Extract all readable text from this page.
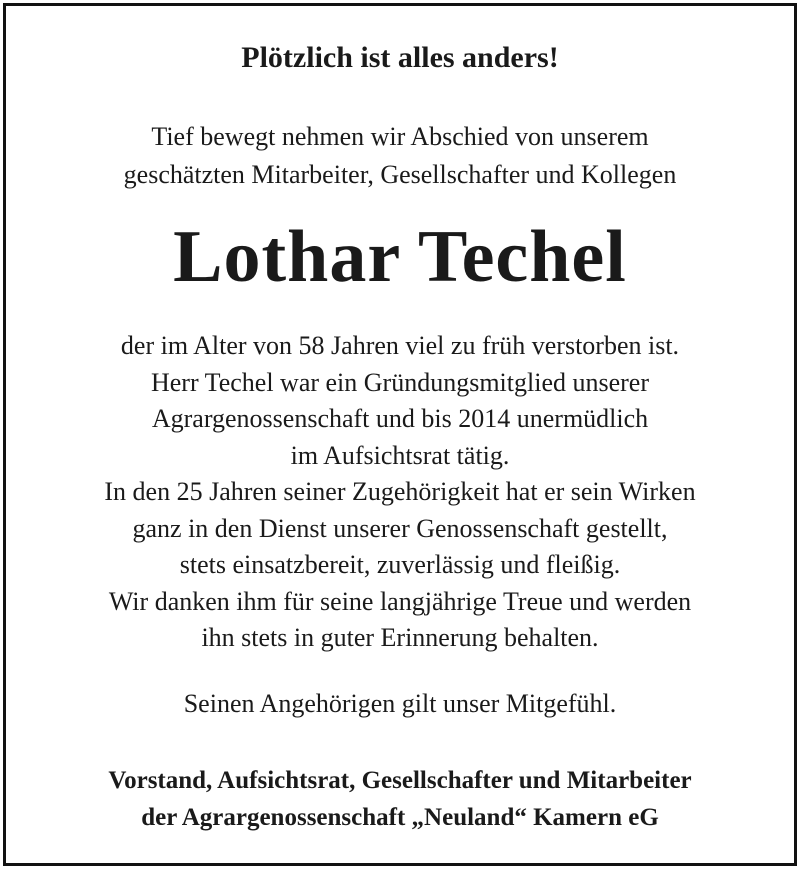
Plötzlich ist alles anders!
Tief bewegt nehmen wir Abschied von unserem
geschätzten Mitarbeiter, Gesellschafter und Kollegen
Lothar Techel
der im Alter von 58 Jahren viel zu früh verstorben ist.
Herr Techel war ein Gründungsmitglied unserer
Agrargenossenschaft und bis 2014 unermüdlich
im Aufsichtsrat tätig.
In den 25 Jahren seiner Zugehörigkeit hat er sein Wirken
ganz in den Dienst unserer Genossenschaft gestellt,
stets einsatzbereit, zuverlässig und fleißig.
Wir danken ihm für seine langjährige Treue und werden
ihn stets in guter Erinnerung behalten.
Seinen Angehörigen gilt unser Mitgefühl.
Vorstand, Aufsichtsrat, Gesellschafter und Mitarbeiter
der Agrargenossenschaft „Neuland“ Kamern eG
